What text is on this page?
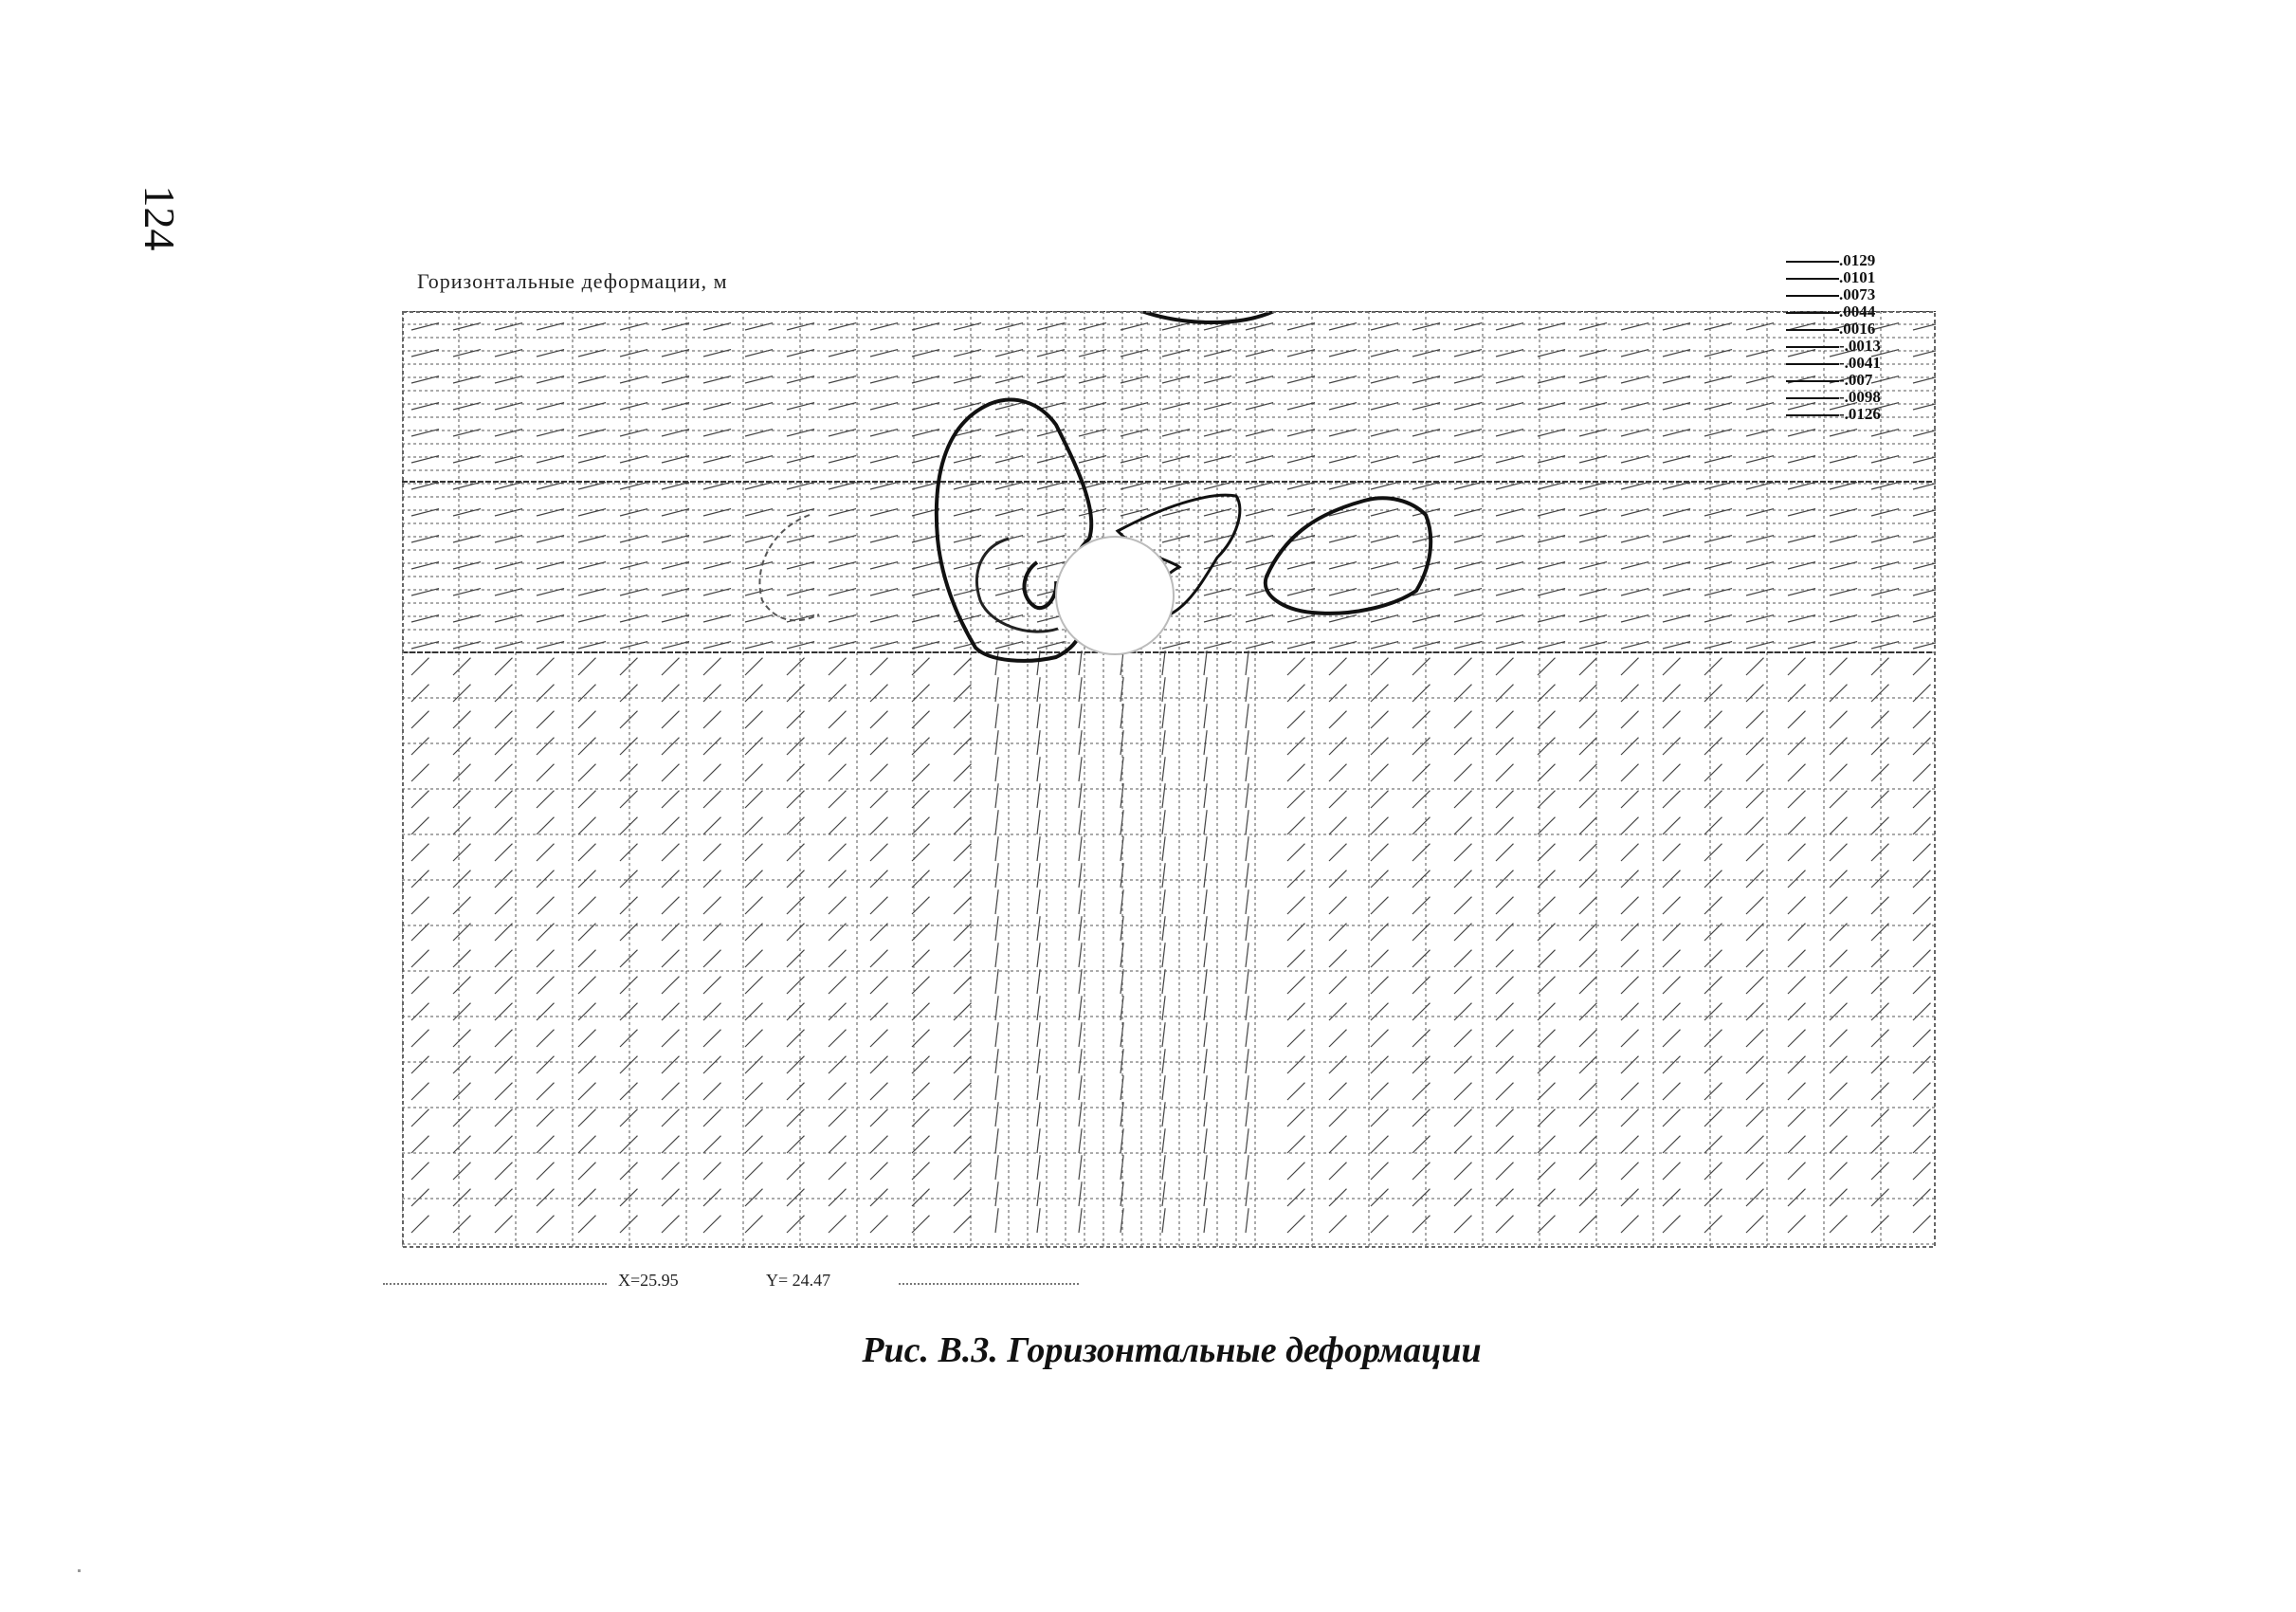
124
Горизонтальные деформации, м
.0129
.0101
.0073
.0044
.0016
-.0013
-.0041
-.007
-.0098
-.0126
X=25.95	Y= 24.47
Рис. В.3. Горизонтальные деформации
